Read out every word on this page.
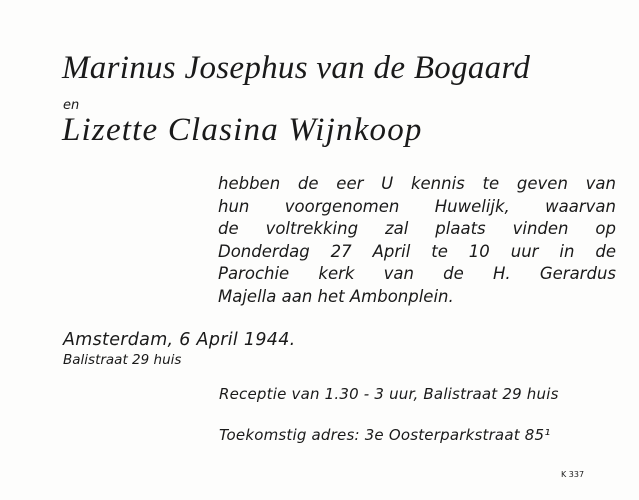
Marinus Josephus van de Bogaard
en
Lizette Clasina Wijnkoop
hebben de eer U kennis te geven van
hun voorgenomen Huwelijk, waarvan
de voltrekking zal plaats vinden op
Donderdag 27 April te 10 uur in de
Parochie kerk van de H. Gerardus
Majella aan het Ambonplein.
Amsterdam, 6 April 1944.
Balistraat 29 huis
Receptie van 1.30 - 3 uur, Balistraat 29 huis
Toekomstig adres: 3e Oosterparkstraat 85¹
K 337
